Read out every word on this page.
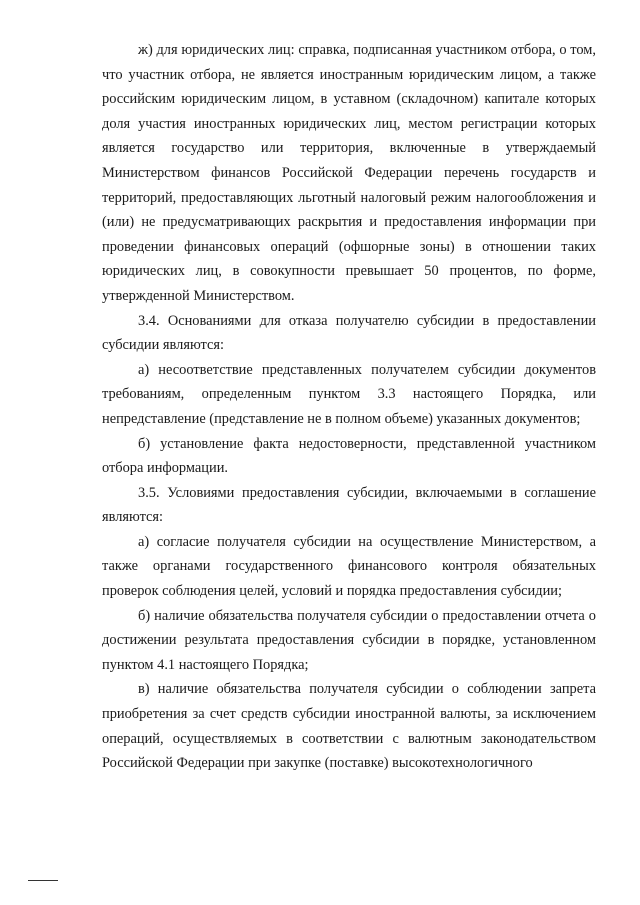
ж) для юридических лиц: справка, подписанная участником отбора, о том, что участник отбора, не является иностранным юридическим лицом, а также российским юридическим лицом, в уставном (складочном) капитале которых доля участия иностранных юридических лиц, местом регистрации которых является государство или территория, включенные в утверждаемый Министерством финансов Российской Федерации перечень государств и территорий, предоставляющих льготный налоговый режим налогообложения и (или) не предусматривающих раскрытия и предоставления информации при проведении финансовых операций (офшорные зоны) в отношении таких юридических лиц, в совокупности превышает 50 процентов, по форме, утвержденной Министерством.

3.4. Основаниями для отказа получателю субсидии в предоставлении субсидии являются:

а) несоответствие представленных получателем субсидии документов требованиям, определенным пунктом 3.3 настоящего Порядка, или непредставление (представление не в полном объеме) указанных документов;

б) установление факта недостоверности, представленной участником отбора информации.

3.5. Условиями предоставления субсидии, включаемыми в соглашение являются:

а) согласие получателя субсидии на осуществление Министерством, а также органами государственного финансового контроля обязательных проверок соблюдения целей, условий и порядка предоставления субсидии;

б) наличие обязательства получателя субсидии о предоставлении отчета о достижении результата предоставления субсидии в порядке, установленном пунктом 4.1 настоящего Порядка;

в) наличие обязательства получателя субсидии о соблюдении запрета приобретения за счет средств субсидии иностранной валюты, за исключением операций, осуществляемых в соответствии с валютным законодательством Российской Федерации при закупке (поставке) высокотехнологичного
